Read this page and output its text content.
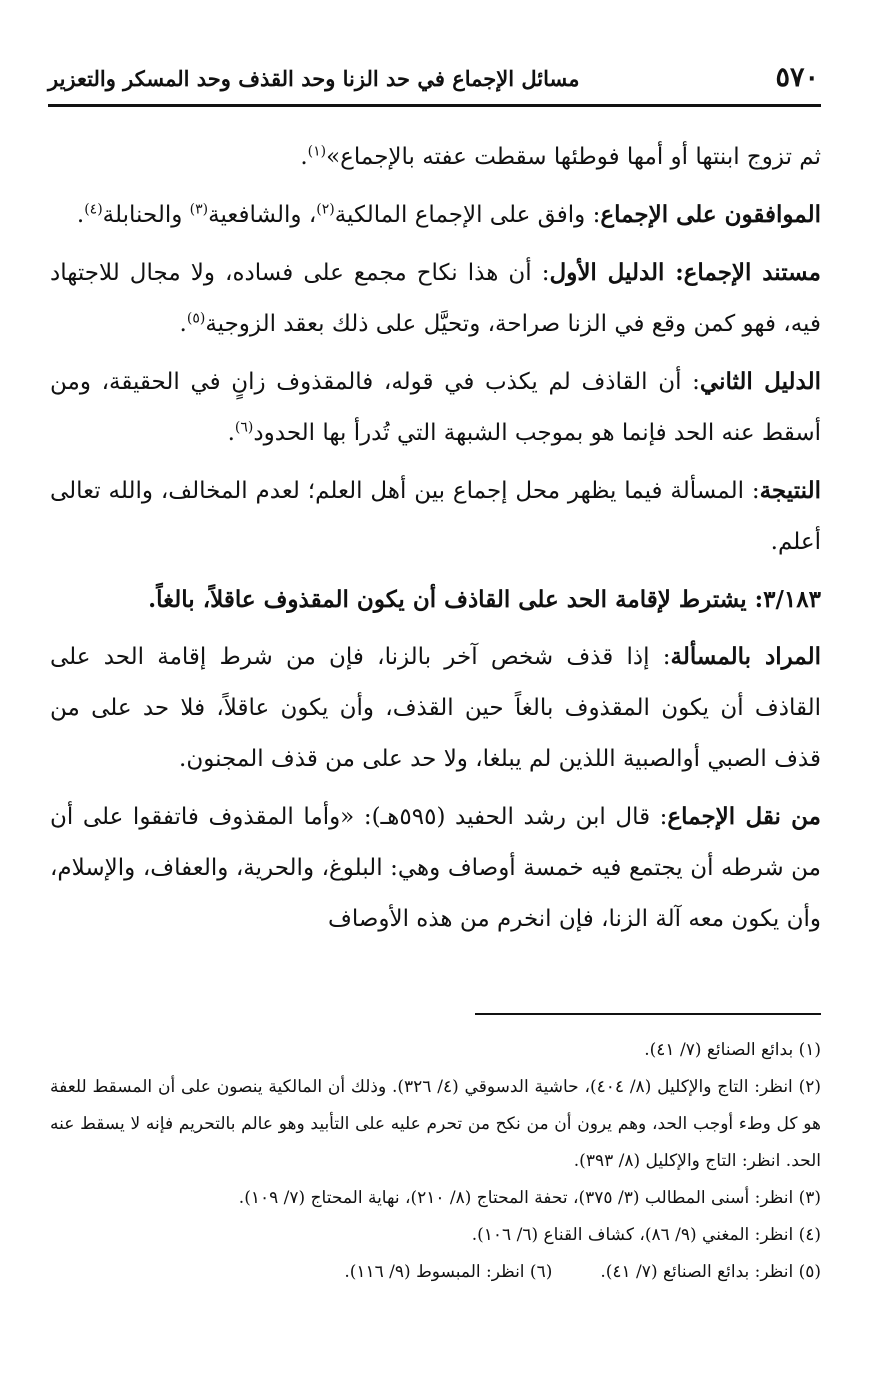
٥٧٠
مسائل الإجماع في حد الزنا وحد القذف وحد المسكر والتعزير

ثم تزوج ابنتها أو أمها فوطئها سقطت عفته بالإجماع»$^{(١)}$.

الموافقون على الإجماع: وافق على الإجماع المالكية$^{(٢)}$، والشافعية$^{(٣)}$ والحنابلة$^{(٤)}$.

مستند الإجماع: الدليل الأول: أن هذا نكاح مجمع على فساده، ولا مجال للاجتهاد فيه، فهو كمن وقع في الزنا صراحة، وتحيَّل على ذلك بعقد الزوجية$^{(٥)}$.

الدليل الثاني: أن القاذف لم يكذب في قوله، فالمقذوف زانٍ في الحقيقة، ومن أسقط عنه الحد فإنما هو بموجب الشبهة التي تُدرأ بها الحدود$^{(٦)}$.

النتيجة: المسألة فيما يظهر محل إجماع بين أهل العلم؛ لعدم المخالف، والله تعالى أعلم.

٣/١٨٣: يشترط لإقامة الحد على القاذف أن يكون المقذوف عاقلاً، بالغاً.

المراد بالمسألة: إذا قذف شخص آخر بالزنا، فإن من شرط إقامة الحد على القاذف أن يكون المقذوف بالغاً حين القذف، وأن يكون عاقلاً، فلا حد على من قذف الصبي أوالصبية اللذين لم يبلغا، ولا حد على من قذف المجنون.

من نقل الإجماع: قال ابن رشد الحفيد (٥٩٥هـ): «وأما المقذوف فاتفقوا على أن من شرطه أن يجتمع فيه خمسة أوصاف وهي: البلوغ، والحرية، والعفاف، والإسلام، وأن يكون معه آلة الزنا، فإن انخرم من هذه الأوصاف

(١) بدائع الصنائع (٧/ ٤١).

(٢) انظر: التاج والإكليل (٨/ ٤٠٤)، حاشية الدسوقي (٤/ ٣٢٦). وذلك أن المالكية ينصون على أن المسقط للعفة هو كل وطء أوجب الحد، وهم يرون أن من نكح من تحرم عليه على التأبيد وهو عالم بالتحريم فإنه لا يسقط عنه الحد. انظر: التاج والإكليل (٨/ ٣٩٣).

(٣) انظر: أسنى المطالب (٣/ ٣٧٥)، تحفة المحتاج (٨/ ٢١٠)، نهاية المحتاج (٧/ ١٠٩).

(٤) انظر: المغني (٩/ ٨٦)، كشاف القناع (٦/ ١٠٦).

(٥) انظر: بدائع الصنائع (٧/ ٤١).
(٦) انظر: المبسوط (٩/ ١١٦).
